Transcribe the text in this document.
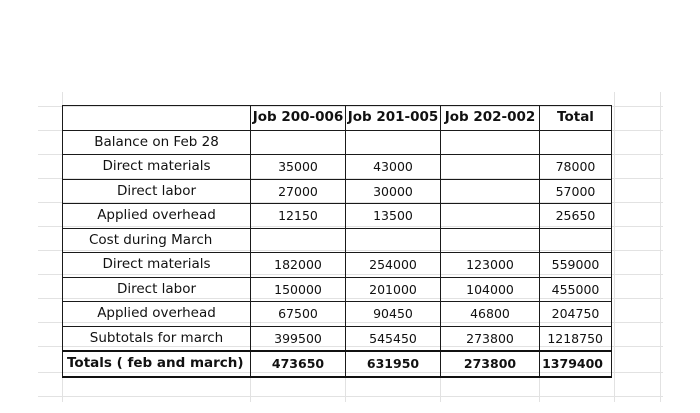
	Job 200-006	Job 201-005	Job 202-002	Total
Balance on Feb 28				
Direct materials	35000	43000		78000
Direct labor	27000	30000		57000
Applied overhead	12150	13500		25650
Cost during March				
Direct materials	182000	254000	123000	559000
Direct labor	150000	201000	104000	455000
Applied overhead	67500	90450	46800	204750
Subtotals for march	399500	545450	273800	1218750
Totals ( feb and march)	473650	631950	273800	1379400
